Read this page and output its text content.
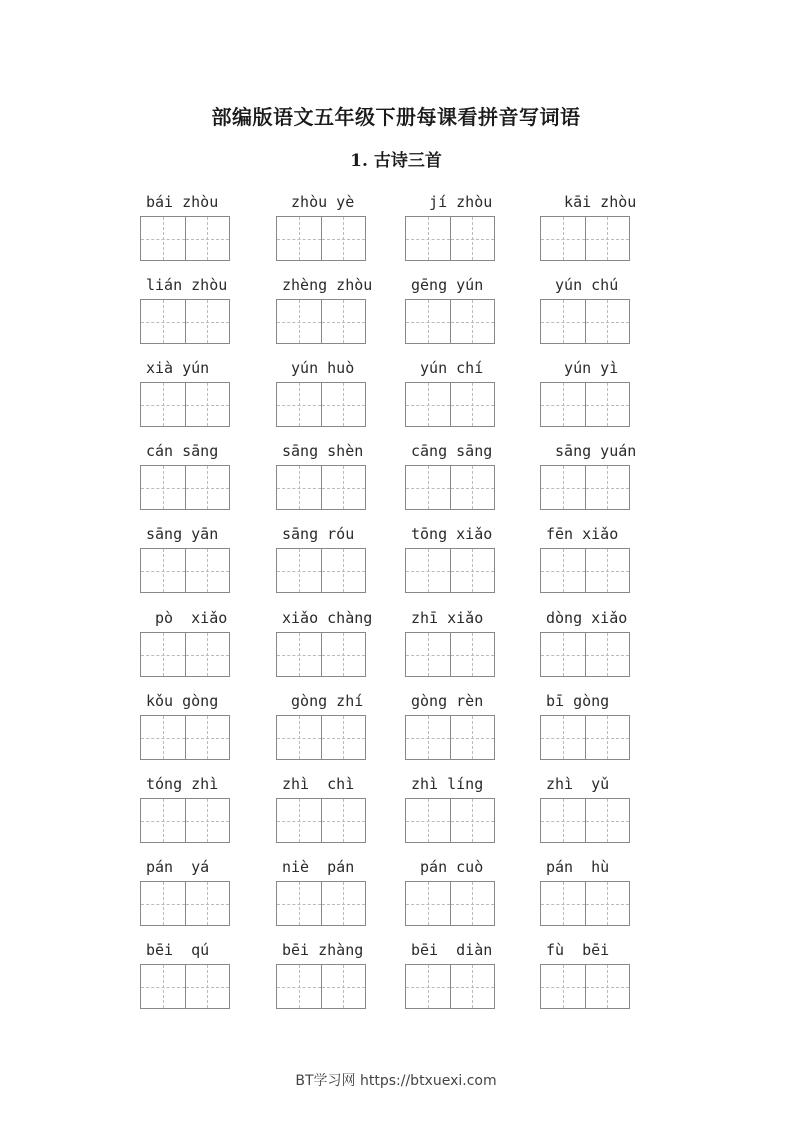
部编版语文五年级下册每课看拼音写词语
1. 古诗三首
bái zhòu	zhòu yè	jí zhòu	kāi zhòu
lián zhòu	zhèng zhòu	gēng yún	yún chú
xià yún	yún huò	yún chí	yún yì
cán sāng	sāng shèn	cāng sāng	sāng yuán
sāng yān	sāng róu	tōng xiǎo	fēn xiǎo
pò  xiǎo	xiǎo chàng	zhī xiǎo	dòng xiǎo
kǒu gòng	gòng zhí	gòng rèn	bī gòng
tóng zhì	zhì  chì	zhì líng	zhì  yǔ
pán  yá	niè  pán	pán cuò	pán  hù
bēi  qú	bēi zhàng	bēi  diàn	fù  bēi
BT学习网 https://btxuexi.com
